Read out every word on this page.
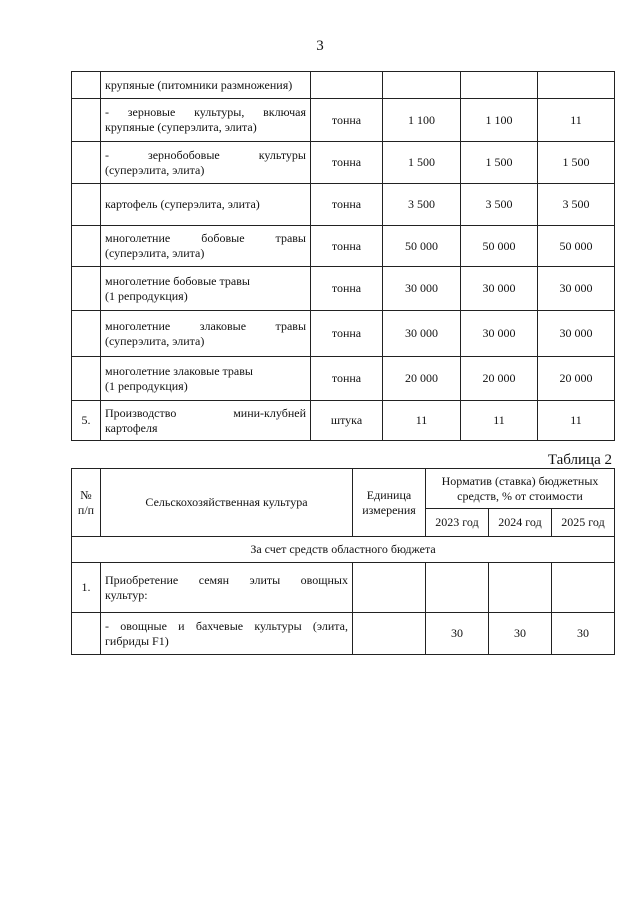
3
	крупяные (питомники размножения)				

	- зерновые культуры, включая
крупяные (суперэлита, элита)	тонна	1 100	1 100	11

	- зернобобовые культуры
(суперэлита, элита)	тонна	1 500	1 500	1 500
	картофель (суперэлита, элита)	тонна	3 500	3 500	3 500

	многолетние бобовые травы
(суперэлита, элита)	тонна	50 000	50 000	50 000

	многолетние бобовые травы
(1 репродукция)	тонна	30 000	30 000	30 000

	многолетние злаковые травы
(суперэлита, элита)	тонна	30 000	30 000	30 000

	многолетние злаковые травы
(1 репродукция)	тонна	20 000	20 000	20 000
5.	Производство мини-клубней
картофеля	штука	11	11	11
Таблица 2
№ п/п	Сельскохозяйственная культура	Единица измерения	Норматив (ставка) бюджетных средств, % от стоимости		
			2023 год	2024 год	2025 год
За счет средств областного бюджета					
1.	Приобретение семян элиты овощных
культур:				

	- овощные и бахчевые культуры (элита,
гибриды F1)		30	30	30
